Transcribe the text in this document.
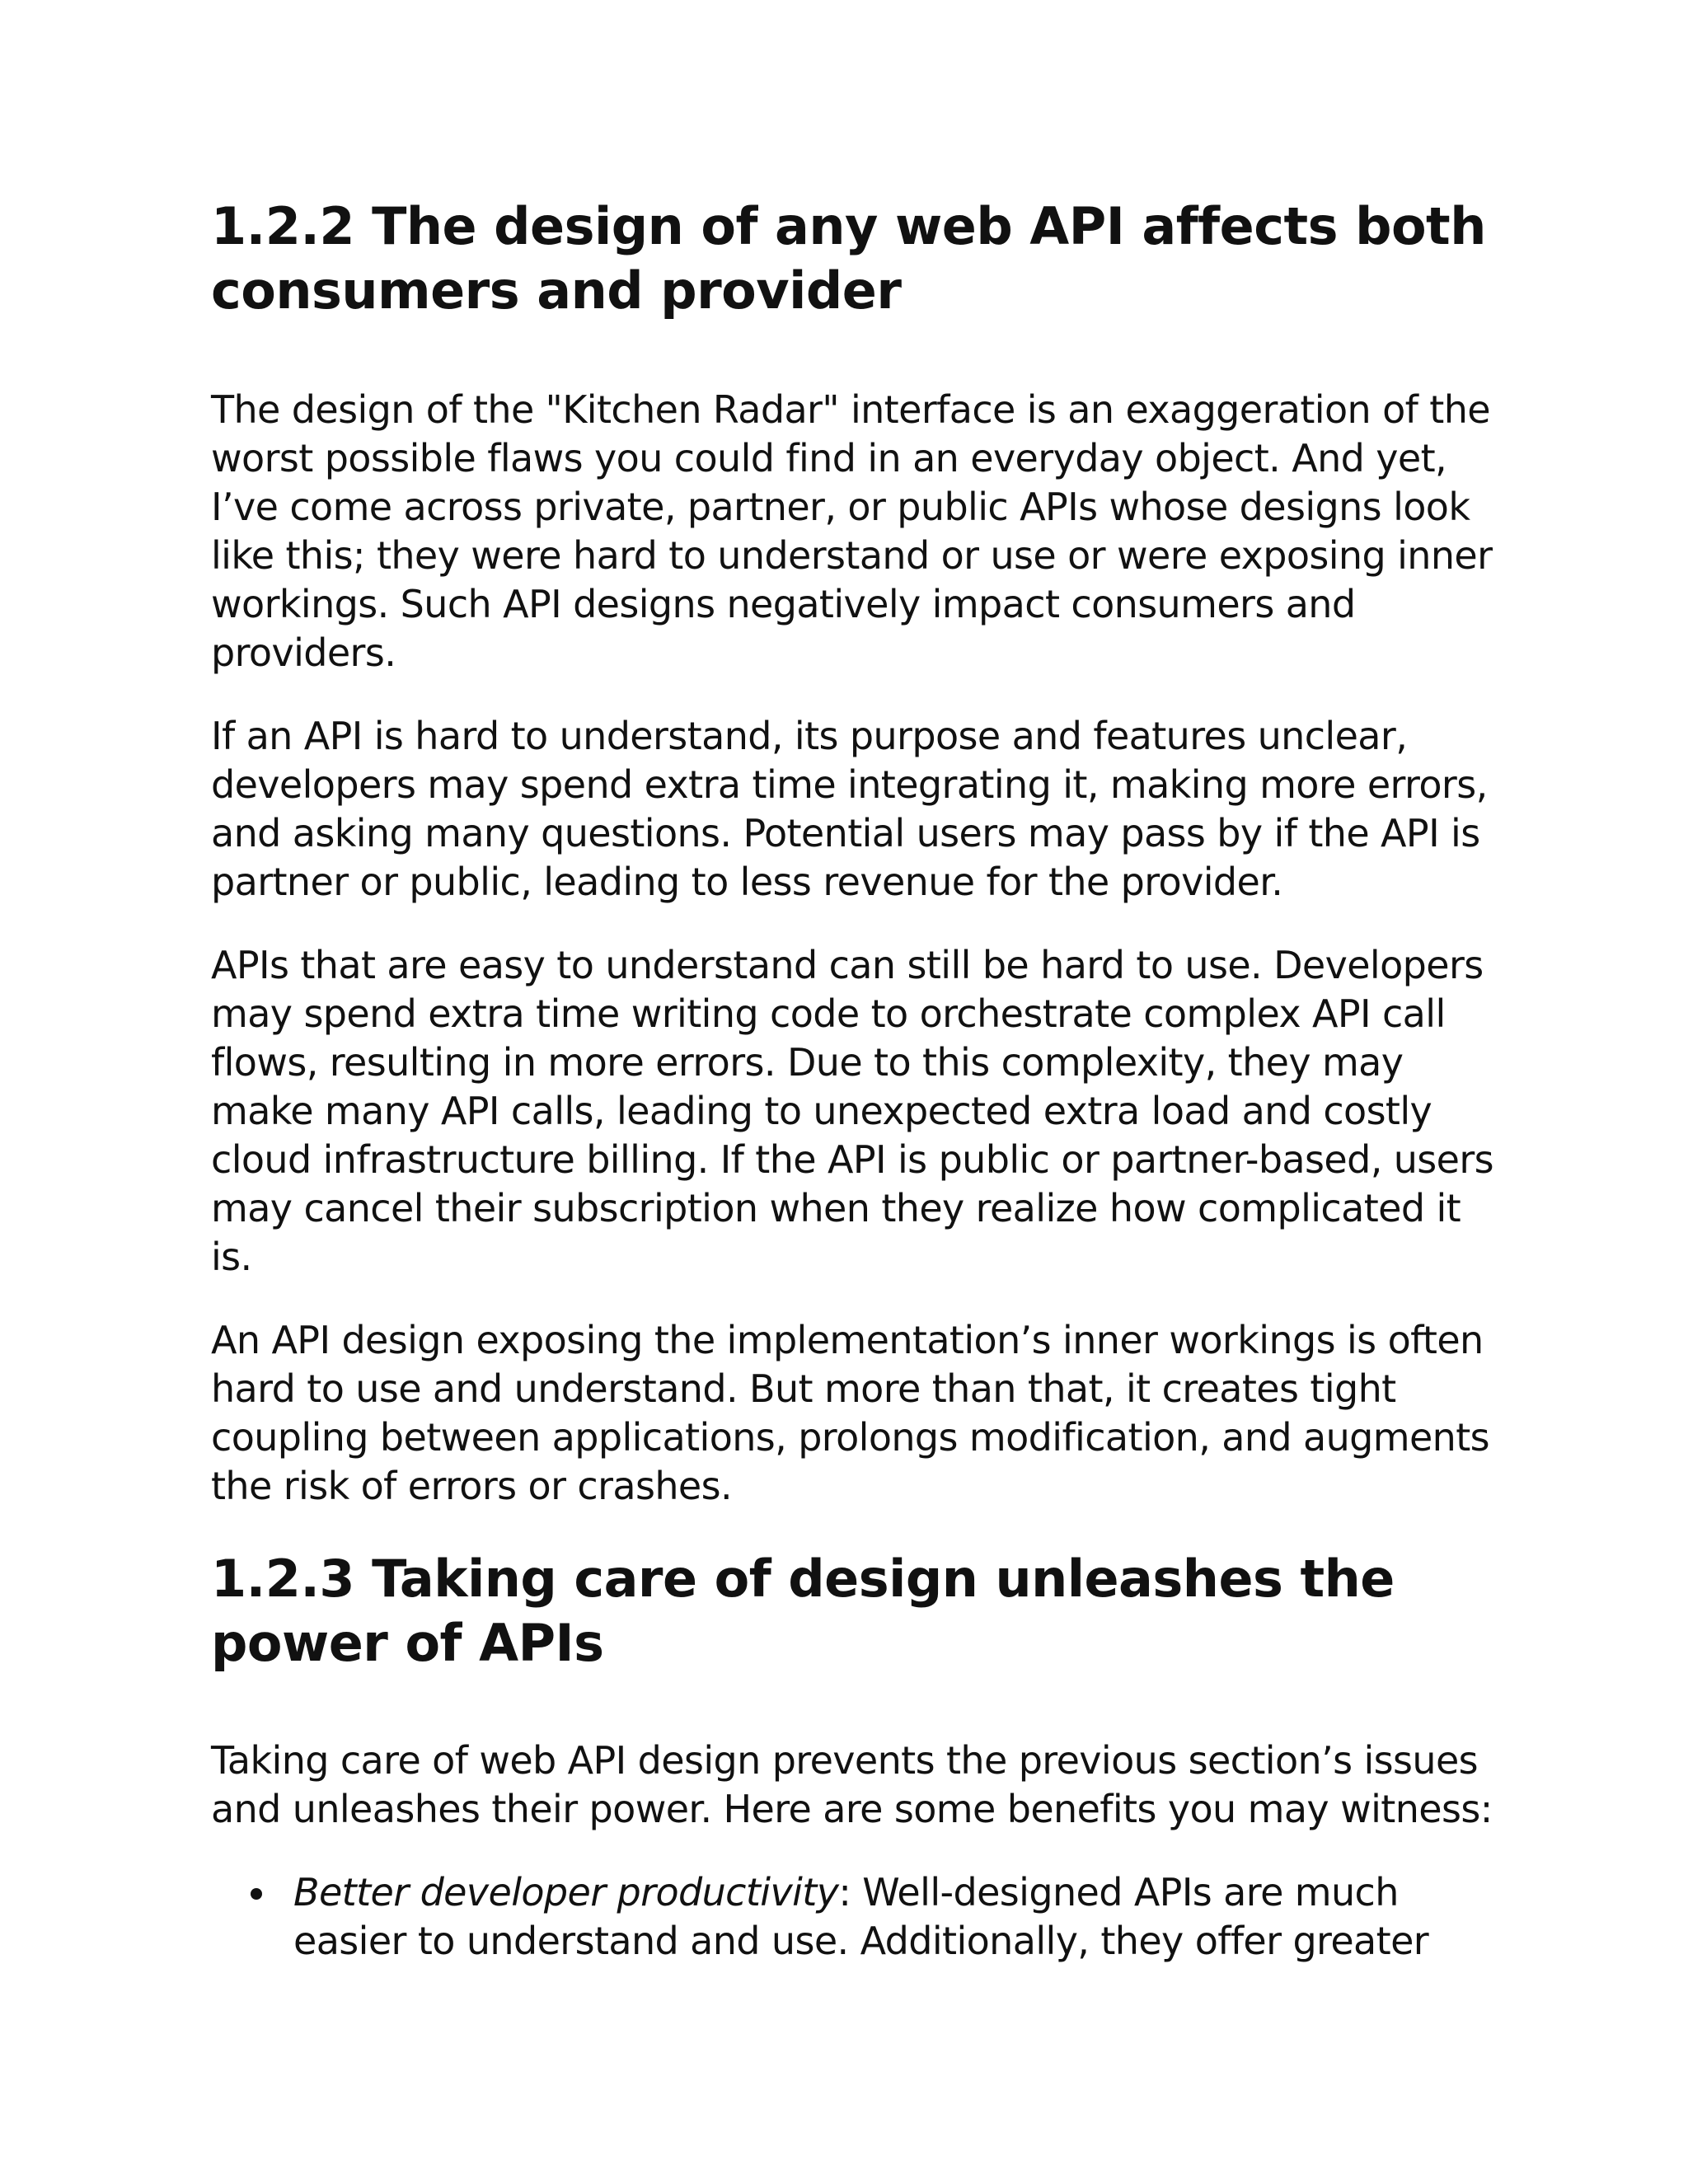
1.2.2 The design of any web API affects both consumers and provider

The design of the "Kitchen Radar" interface is an exaggeration of the worst possible flaws you could find in an everyday object. And yet, I’ve come across private, partner, or public APIs whose designs look like this; they were hard to understand or use or were exposing inner workings. Such API designs negatively impact consumers and providers.

If an API is hard to understand, its purpose and features unclear, developers may spend extra time integrating it, making more errors, and asking many questions. Potential users may pass by if the API is partner or public, leading to less revenue for the provider.

APIs that are easy to understand can still be hard to use. Developers may spend extra time writing code to orchestrate complex API call flows, resulting in more errors. Due to this complexity, they may make many API calls, leading to unexpected extra load and costly cloud infrastructure billing. If the API is public or partner-based, users may cancel their subscription when they realize how complicated it is.

An API design exposing the implementation’s inner workings is often hard to use and understand. But more than that, it creates tight coupling between applications, prolongs modification, and augments the risk of errors or crashes.

1.2.3 Taking care of design unleashes the power of APIs

Taking care of web API design prevents the previous section’s issues and unleashes their power. Here are some benefits you may witness:

Better developer productivity: Well-designed APIs are much easier to understand and use. Additionally, they offer greater
